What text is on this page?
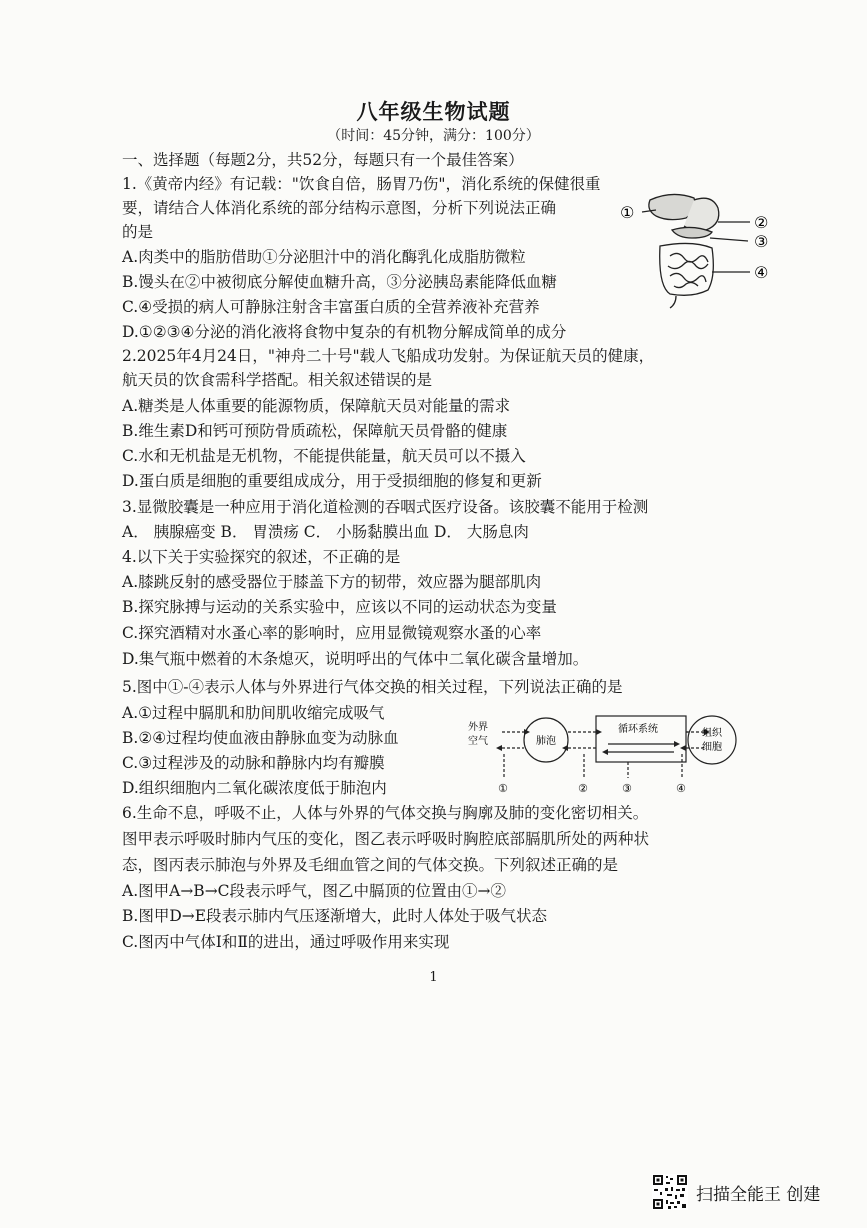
八年级生物试题
（时间：45分钟，满分：100分）
一、选择题（每题2分，共52分，每题只有一个最佳答案）
1.《黄帝内经》有记载："饮食自倍，肠胃乃伤"，消化系统的保健很重
要，请结合人体消化系统的部分结构示意图，分析下列说法正确
的是
A.肉类中的脂肪借助①分泌胆汁中的消化酶乳化成脂肪微粒
B.馒头在②中被彻底分解使血糖升高，③分泌胰岛素能降低血糖
C.④受损的病人可静脉注射含丰富蛋白质的全营养液补充营养
D.①②③④分泌的消化液将食物中复杂的有机物分解成简单的成分
2.2025年4月24日，"神舟二十号"载人飞船成功发射。为保证航天员的健康，
航天员的饮食需科学搭配。相关叙述错误的是
A.糖类是人体重要的能源物质，保障航天员对能量的需求
B.维生素D和钙可预防骨质疏松，保障航天员骨骼的健康
C.水和无机盐是无机物，不能提供能量，航天员可以不摄入
D.蛋白质是细胞的重要组成成分，用于受损细胞的修复和更新
3.显微胶囊是一种应用于消化道检测的吞咽式医疗设备。该胶囊不能用于检测
A． 胰腺癌变 B． 胃溃疡 C． 小肠黏膜出血 D． 大肠息肉
4.以下关于实验探究的叙述，不正确的是
A.膝跳反射的感受器位于膝盖下方的韧带，效应器为腿部肌肉
B.探究脉搏与运动的关系实验中，应该以不同的运动状态为变量
C.探究酒精对水蚤心率的影响时，应用显微镜观察水蚤的心率
D.集气瓶中燃着的木条熄灭，说明呼出的气体中二氧化碳含量增加。
5.图中①-④表示人体与外界进行气体交换的相关过程，下列说法正确的是
A.①过程中膈肌和肋间肌收缩完成吸气
B.②④过程均使血液由静脉血变为动脉血
C.③过程涉及的动脉和静脉内均有瓣膜
D.组织细胞内二氧化碳浓度低于肺泡内
6.生命不息，呼吸不止，人体与外界的气体交换与胸廓及肺的变化密切相关。
图甲表示呼吸时肺内气压的变化，图乙表示呼吸时胸腔底部膈肌所处的两种状
态，图丙表示肺泡与外界及毛细血管之间的气体交换。下列叙述正确的是
A.图甲A→B→C段表示呼气，图乙中膈顶的位置由①→②
B.图甲D→E段表示肺内气压逐渐增大，此时人体处于吸气状态
C.图丙中气体Ⅰ和Ⅱ的进出，通过呼吸作用来实现
①
②
③
④
外界
空气	肺泡
循环系统	组织
细胞
①	②	③	④
1
扫描全能王 创建
